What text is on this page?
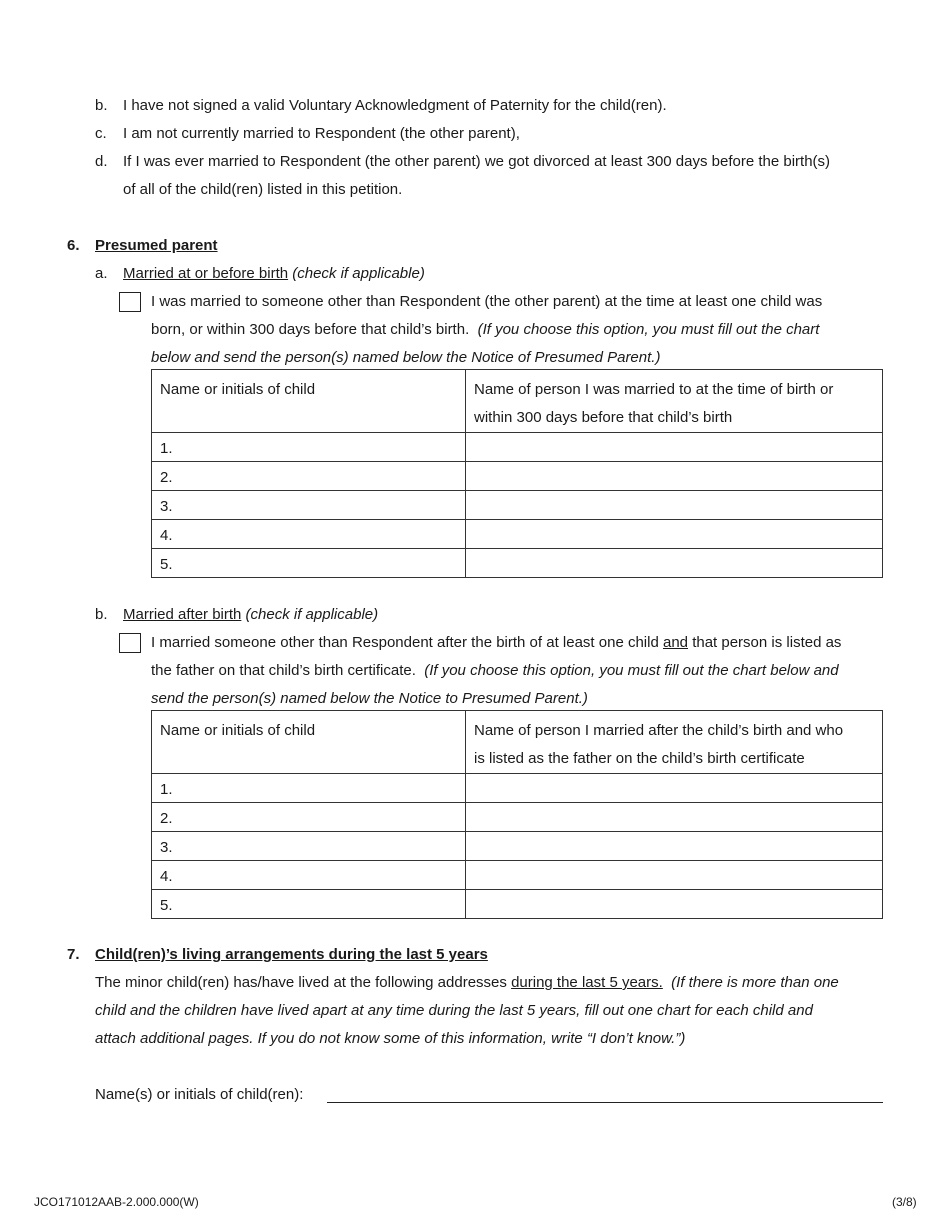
b. I have not signed a valid Voluntary Acknowledgment of Paternity for the child(ren).
c. I am not currently married to Respondent (the other parent),
d. If I was ever married to Respondent (the other parent) we got divorced at least 300 days before the birth(s)
of all of the child(ren) listed in this petition.
6. Presumed parent
a. Married at or before birth (check if applicable)
I was married to someone other than Respondent (the other parent) at the time at least one child was
born, or within 300 days before that child’s birth. (If you choose this option, you must fill out the chart
below and send the person(s) named below the Notice of Presumed Parent.)
Name or initials of child	Name of person I was married to at the time of birth or
within 300 days before that child’s birth

1.	
2.	
3.	
4.	
5.	
b. Married after birth (check if applicable)
I married someone other than Respondent after the birth of at least one child and that person is listed as
the father on that child’s birth certificate. (If you choose this option, you must fill out the chart below and
send the person(s) named below the Notice to Presumed Parent.)
Name or initials of child	Name of person I married after the child’s birth and who
is listed as the father on the child’s birth certificate

1.	
2.	
3.	
4.	
5.	
7. Child(ren)’s living arrangements during the last 5 years
The minor child(ren) has/have lived at the following addresses during the last 5 years. (If there is more than one
child and the children have lived apart at any time during the last 5 years, fill out one chart for each child and
attach additional pages. If you do not know some of this information, write “I don’t know.”)
Name(s) or initials of child(ren):
JCO171012AAB-2.000.000(W)	(3/8)
